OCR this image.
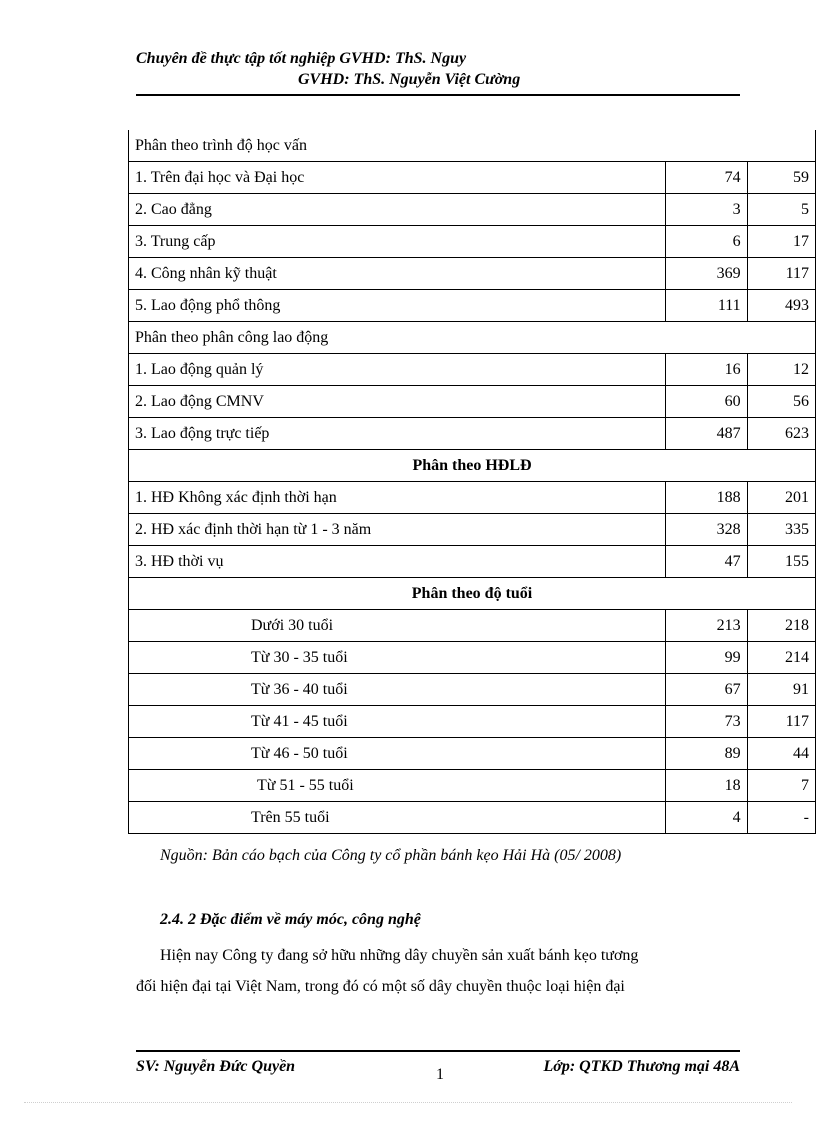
Chuyên đề thực tập tốt nghiệp GVHD: ThS. Nguy
GVHD: ThS. Nguyễn Việt Cường
Phân theo trình độ học vấn		
1. Trên đại học và Đại học	74	59
2. Cao đẳng	3	5
3. Trung cấp	6	17
4. Công nhân kỹ thuật	369	117
5. Lao động phổ thông	111	493
Phân theo phân công lao động		
1. Lao động quản lý	16	12
2. Lao động CMNV	60	56
3. Lao động trực tiếp	487	623
Phân theo HĐLĐ		
1. HĐ Không xác định thời hạn	188	201
2. HĐ xác định thời hạn từ 1 - 3 năm	328	335
3. HĐ thời vụ	47	155
Phân theo độ tuổi		
Dưới 30 tuổi	213	218
Từ 30 - 35 tuổi	99	214
Từ 36 - 40 tuổi	67	91
Từ 41 - 45 tuổi	73	117
Từ 46 - 50 tuổi	89	44
Từ 51 - 55 tuổi	18	7
Trên 55 tuổi	4	-
Nguồn: Bản cáo bạch của Công ty cổ phần bánh kẹo Hải Hà (05/ 2008)
2.4. 2 Đặc điểm về máy móc, công nghệ
Hiện nay Công ty đang sở hữu những dây chuyền sản xuất bánh kẹo tương
đối hiện đại tại Việt Nam, trong đó có một số dây chuyền thuộc loại hiện đại
SV: Nguyễn Đức Quyền	1	Lớp: QTKD Thương mại 48A
